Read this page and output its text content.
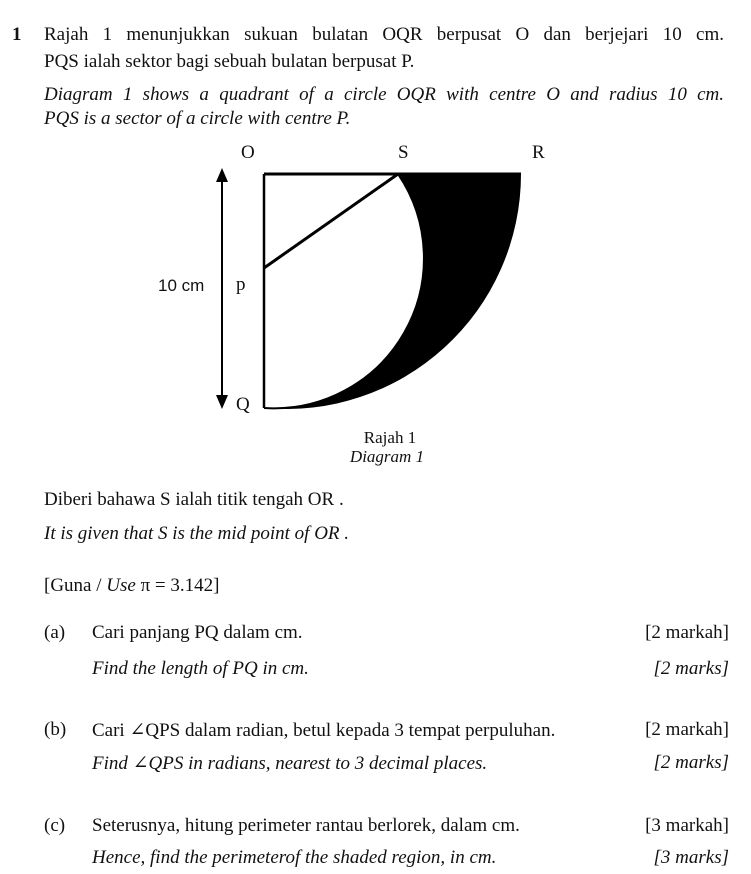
1 Rajah 1 menunjukkan sukuan bulatan OQR berpusat O dan berjejari 10 cm.
PQS ialah sektor bagi sebuah bulatan berpusat P.
Diagram 1 shows a quadrant of a circle OQR with centre O and radius 10 cm.
PQS is a sector of a circle with centre P.
O	S	R
p
Q
10 cm
Rajah 1
Diagram 1
Diberi bahawa S ialah titik tengah OR .
It is given that S is the mid point of OR .
[Guna / Use π = 3.142]
(a) Cari panjang PQ dalam cm.	[2 markah]
Find the length of PQ in cm.	[2 marks]
(b) Cari ∠QPS dalam radian, betul kepada 3 tempat perpuluhan.	[2 markah]
Find ∠QPS in radians, nearest to 3 decimal places.	[2 marks]
(c) Seterusnya, hitung perimeter rantau berlorek, dalam cm.	[3 markah]
Hence, find the perimeterof the shaded region, in cm.	[3 marks]
